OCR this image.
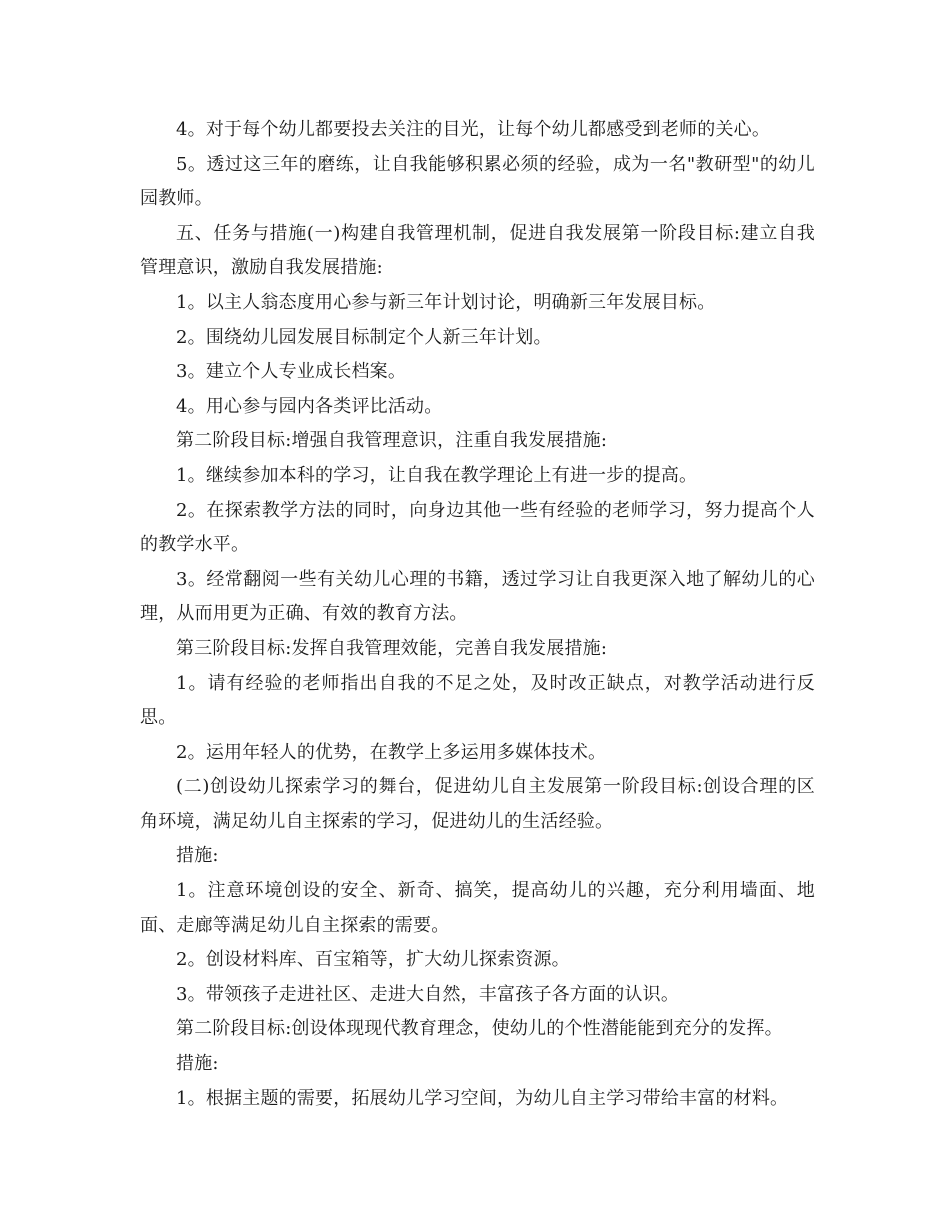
4。对于每个幼儿都要投去关注的目光，让每个幼儿都感受到老师的关心。

5。透过这三年的磨练，让自我能够积累必须的经验，成为一名"教研型"的幼儿园教师。

五、任务与措施(一)构建自我管理机制，促进自我发展第一阶段目标:建立自我管理意识，激励自我发展措施:

1。以主人翁态度用心参与新三年计划讨论，明确新三年发展目标。

2。围绕幼儿园发展目标制定个人新三年计划。

3。建立个人专业成长档案。

4。用心参与园内各类评比活动。

第二阶段目标:增强自我管理意识，注重自我发展措施:

1。继续参加本科的学习，让自我在教学理论上有进一步的提高。

2。在探索教学方法的同时，向身边其他一些有经验的老师学习，努力提高个人的教学水平。

3。经常翻阅一些有关幼儿心理的书籍，透过学习让自我更深入地了解幼儿的心理，从而用更为正确、有效的教育方法。

第三阶段目标:发挥自我管理效能，完善自我发展措施:

1。请有经验的老师指出自我的不足之处，及时改正缺点，对教学活动进行反思。

2。运用年轻人的优势，在教学上多运用多媒体技术。

(二)创设幼儿探索学习的舞台，促进幼儿自主发展第一阶段目标:创设合理的区角环境，满足幼儿自主探索的学习，促进幼儿的生活经验。

措施:

1。注意环境创设的安全、新奇、搞笑，提高幼儿的兴趣，充分利用墙面、地面、走廊等满足幼儿自主探索的需要。

2。创设材料库、百宝箱等，扩大幼儿探索资源。

3。带领孩子走进社区、走进大自然，丰富孩子各方面的认识。

第二阶段目标:创设体现现代教育理念，使幼儿的个性潜能能到充分的发挥。

措施:

1。根据主题的需要，拓展幼儿学习空间，为幼儿自主学习带给丰富的材料。
